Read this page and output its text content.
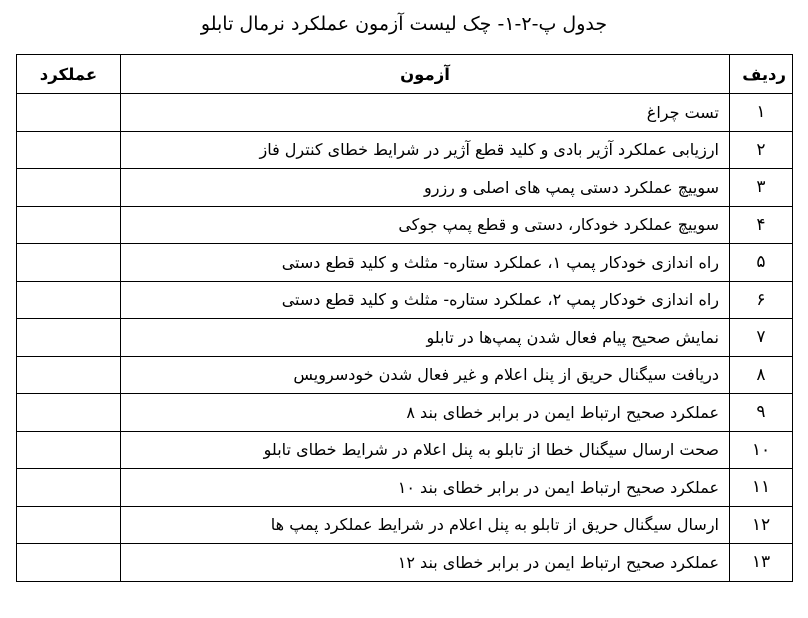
جدول پ-۲-۱- چک لیست آزمون عملکرد نرمال تابلو
ردیف	آزمون	عملکرد
۱	تست چراغ	
۲	ارزیابی عملکرد آژیر بادی و کلید قطع آژیر در شرایط خطای کنترل فاز	
۳	سوییچ عملکرد دستی پمپ های اصلی و رزرو	
۴	سوییچ عملکرد خودکار، دستی و قطع پمپ جوکی	
۵	راه اندازی خودکار پمپ ۱، عملکرد ستاره- مثلث و کلید قطع دستی	
۶	راه اندازی خودکار پمپ ۲، عملکرد ستاره- مثلث و کلید قطع دستی	
۷	نمایش صحیح پیام فعال شدن پمپ‌ها در تابلو	
۸	دریافت سیگنال حریق از پنل اعلام و غیر فعال شدن خودسرویس	
۹	عملکرد صحیح ارتباط ایمن در برابر خطای بند ۸	
۱۰	صحت ارسال سیگنال خطا از تابلو به پنل اعلام در شرایط خطای تابلو	
۱۱	عملکرد صحیح ارتباط ایمن در برابر خطای بند ۱۰	
۱۲	ارسال سیگنال حریق از تابلو به پنل اعلام در شرایط عملکرد پمپ ها	
۱۳	عملکرد صحیح ارتباط ایمن در برابر خطای بند ۱۲	
